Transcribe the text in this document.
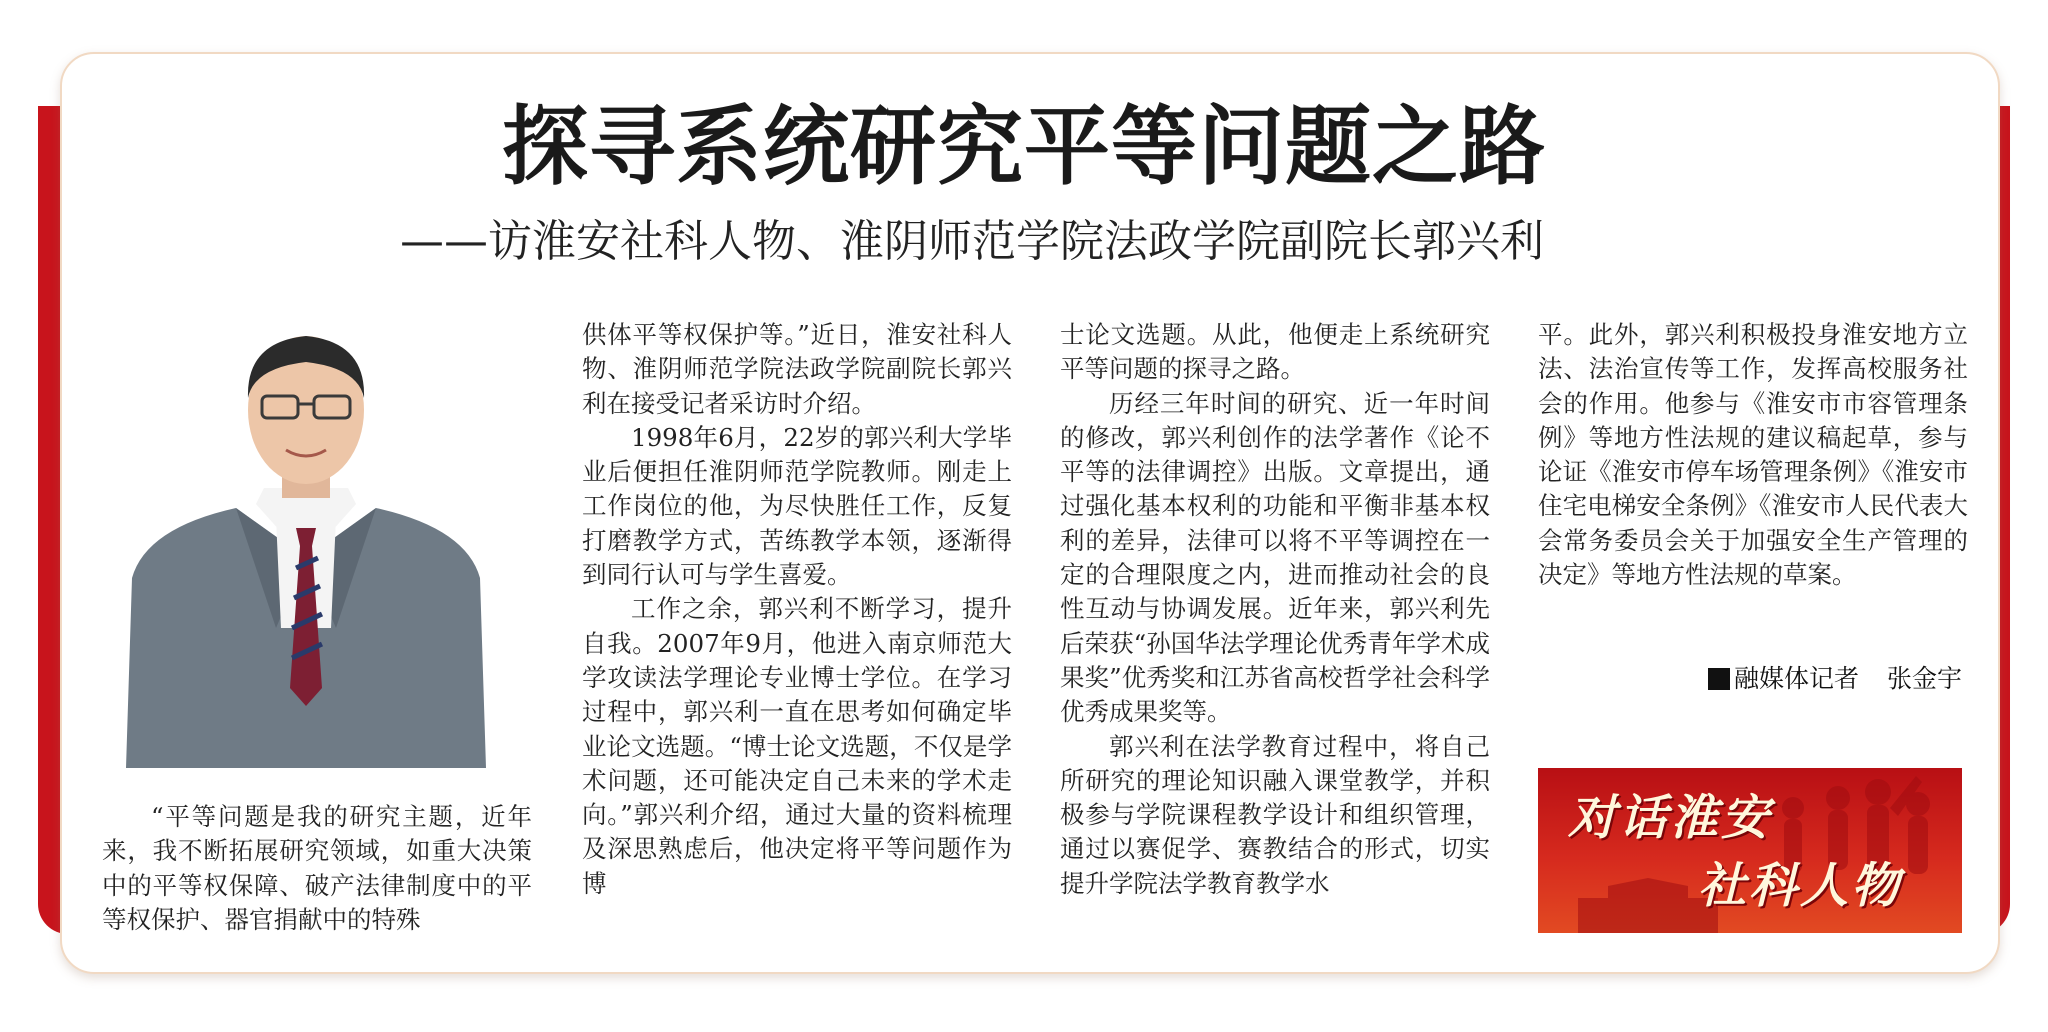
探寻系统研究平等问题之路
——访淮安社科人物、淮阴师范学院法政学院副院长郭兴利

“平等问题是我的研究主题，近年来，我不断拓展研究领域，如重大决策中的平等权保障、破产法律制度中的平等权保护、器官捐献中的特殊

供体平等权保护等。”近日，淮安社科人物、淮阴师范学院法政学院副院长郭兴利在接受记者采访时介绍。

1998年6月，22岁的郭兴利大学毕业后便担任淮阴师范学院教师。刚走上工作岗位的他，为尽快胜任工作，反复打磨教学方式，苦练教学本领，逐渐得到同行认可与学生喜爱。

工作之余，郭兴利不断学习，提升自我。2007年9月，他进入南京师范大学攻读法学理论专业博士学位。在学习过程中，郭兴利一直在思考如何确定毕业论文选题。“博士论文选题，不仅是学术问题，还可能决定自己未来的学术走向。”郭兴利介绍，通过大量的资料梳理及深思熟虑后，他决定将平等问题作为博

士论文选题。从此，他便走上系统研究平等问题的探寻之路。

历经三年时间的研究、近一年时间的修改，郭兴利创作的法学著作《论不平等的法律调控》出版。文章提出，通过强化基本权利的功能和平衡非基本权利的差异，法律可以将不平等调控在一定的合理限度之内，进而推动社会的良性互动与协调发展。近年来，郭兴利先后荣获“孙国华法学理论优秀青年学术成果奖”优秀奖和江苏省高校哲学社会科学优秀成果奖等。

郭兴利在法学教育过程中，将自己所研究的理论知识融入课堂教学，并积极参与学院课程教学设计和组织管理，通过以赛促学、赛教结合的形式，切实提升学院法学教育教学水

平。此外，郭兴利积极投身淮安地方立法、法治宣传等工作，发挥高校服务社会的作用。他参与《淮安市市容管理条例》等地方性法规的建议稿起草，参与论证《淮安市停车场管理条例》《淮安市住宅电梯安全条例》《淮安市人民代表大会常务委员会关于加强安全生产管理的决定》等地方性法规的草案。

融媒体记者 张金宇
对话淮安
社科人物
